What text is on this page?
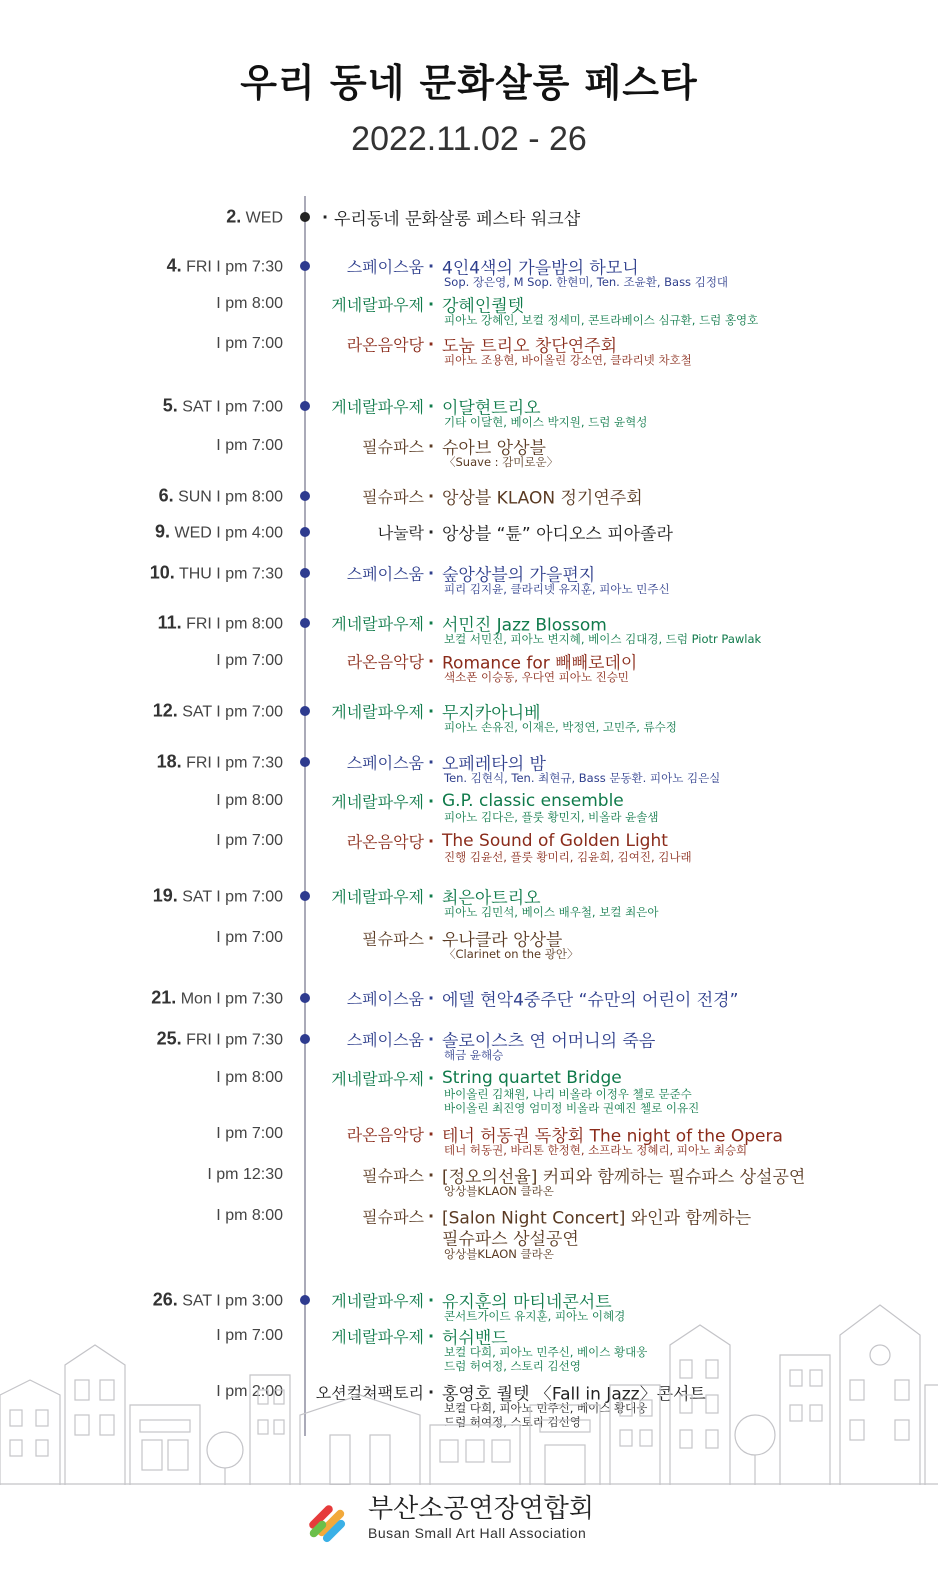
우리 동네 문화살롱 페스타
2022.11.02 - 26
2. WED · 우리동네 문화살롱 페스타 워크샵
4. FRI I pm 7:30	스페이스움 · 4인4색의 가을밤의 하모니
Sop. 장은영, M Sop. 한현미, Ten. 조윤환, Bass 김정대
I pm 8:00	게네랄파우제 · 강혜인퀄텟
피아노 강혜인, 보컬 정세미, 콘트라베이스 심규환, 드럼 홍영호
I pm 7:00	라온음악당 · 도눔 트리오 창단연주회
피아노 조용현, 바이올린 강소연, 클라리넷 차호철
5. SAT I pm 7:00	게네랄파우제 · 이달현트리오
기타 이달현, 베이스 박지원, 드럼 윤혁성
I pm 7:00	필슈파스 · 슈아브 앙상블
〈Suave : 감미로운〉
6. SUN I pm 8:00	필슈파스 · 앙상블 KLAON 정기연주회
9. WED I pm 4:00	나눌락 · 앙상블 “튠” 아디오스 피아졸라
10. THU I pm 7:30	스페이스움 · 숲앙상블의 가을편지
피리 김지윤, 클라리넷 유지훈, 피아노 민주신
11. FRI I pm 8:00	게네랄파우제 · 서민진 Jazz Blossom
보컬 서민진, 피아노 변지혜, 베이스 김대경, 드럼 Piotr Pawlak
I pm 7:00	라온음악당 · Romance for 빼빼로데이
색소폰 이승동, 우다연 피아노 진승민
12. SAT I pm 7:00	게네랄파우제 · 무지카아니베
피아노 손유진, 이재은, 박정연, 고민주, 류수정
18. FRI I pm 7:30	스페이스움 · 오페레타의 밤
Ten. 김현식, Ten. 최현규, Bass 문동환. 피아노 김은실
I pm 8:00	게네랄파우제 · G.P. classic ensemble
피아노 김다은, 플룻 황민지, 비올라 윤솔샘
I pm 7:00	라온음악당 · The Sound of Golden Light
진행 김윤선, 플룻 황미리, 김윤희, 김여진, 김나래
19. SAT I pm 7:00	게네랄파우제 · 최은아트리오
피아노 김민석, 베이스 배우철, 보컬 최은아
I pm 7:00	필슈파스 · 우나클라 앙상블
〈Clarinet on the 광안〉
21. Mon I pm 7:30	스페이스움 · 에델 현악4중주단 “슈만의 어린이 전경”
25. FRI I pm 7:30	스페이스움 · 솔로이스츠 연 어머니의 죽음
해금 윤해승
I pm 8:00	게네랄파우제 · String quartet Bridge
바이올린 김채원, 나리 비올라 이정우 첼로 문준수
바이올린 최진영 엄미정 비올라 권예진 첼로 이유진
I pm 7:00	라온음악당 · 테너 허동권 독창회 The night of the Opera
테너 허동권, 바리톤 한정현, 소프라노 정혜리, 피아노 최승희
I pm 12:30	필슈파스 · [정오의선율] 커피와 함께하는 필슈파스 상설공연
앙상블KLAON 클라온
I pm 8:00	필슈파스 · [Salon Night Concert] 와인과 함께하는
필슈파스 상설공연
앙상블KLAON 클라온
26. SAT I pm 3:00	게네랄파우제 · 유지훈의 마티네콘서트
콘서트가이드 유지훈, 피아노 이혜경
I pm 7:00	게네랄파우제 · 허쉬밴드
보컬 다희, 피아노 민주신, 베이스 황대웅
드럼 허여정, 스토리 김선영
I pm 2:00 오션컬쳐팩토리 · 홍영호 퀄텟 〈Fall in Jazz〉콘서트
보컬 다희, 피아노 민주신, 베이스 황대웅
드럼 허여정, 스토리 김선영
부산소공연장연합회
Busan Small Art Hall Association
